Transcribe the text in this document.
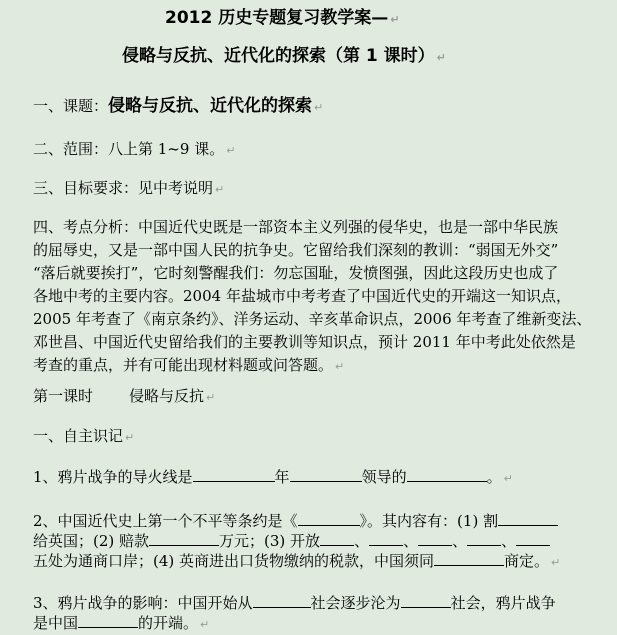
2012 历史专题复习教学案— ↵
侵略与反抗、近代化的探索（第 1 课时） ↵
一、课题：侵略与反抗、近代化的探索 ↵
二、范围：八上第 1~9 课。 ↵
三、目标要求：见中考说明 ↵
四、考点分析：中国近代史既是一部资本主义列强的侵华史，也是一部中华民族
的屈辱史，又是一部中国人民的抗争史。它留给我们深刻的教训：“弱国无外交”
“落后就要挨打”，它时刻警醒我们：勿忘国耻，发愤图强，因此这段历史也成了
各地中考的主要内容。2004 年盐城市中考考查了中国近代史的开端这一知识点，
2005 年考查了《南京条约》、洋务运动、辛亥革命识点，2006 年考查了维新变法、
邓世昌、中国近代史留给我们的主要教训等知识点，预计 2011 年中考此处依然是
考查的重点，并有可能出现材料题或问答题。 ↵
第一课时 侵略与反抗 ↵
一、自主识记 ↵
1、鸦片战争的导火线是	年	领导的	。 ↵
2、中国近代史上第一个不平等条约是《	》。其内容有：(1) 割
给英国；(2) 赔款	万元；(3) 开放 、 、 、 、
五处为通商口岸；(4) 英商进出口货物缴纳的税款，中国须同	商定。 ↵
3、鸦片战争的影响：中国开始从	社会逐步沦为	社会，鸦片战争
是中国	的开端。 ↵
